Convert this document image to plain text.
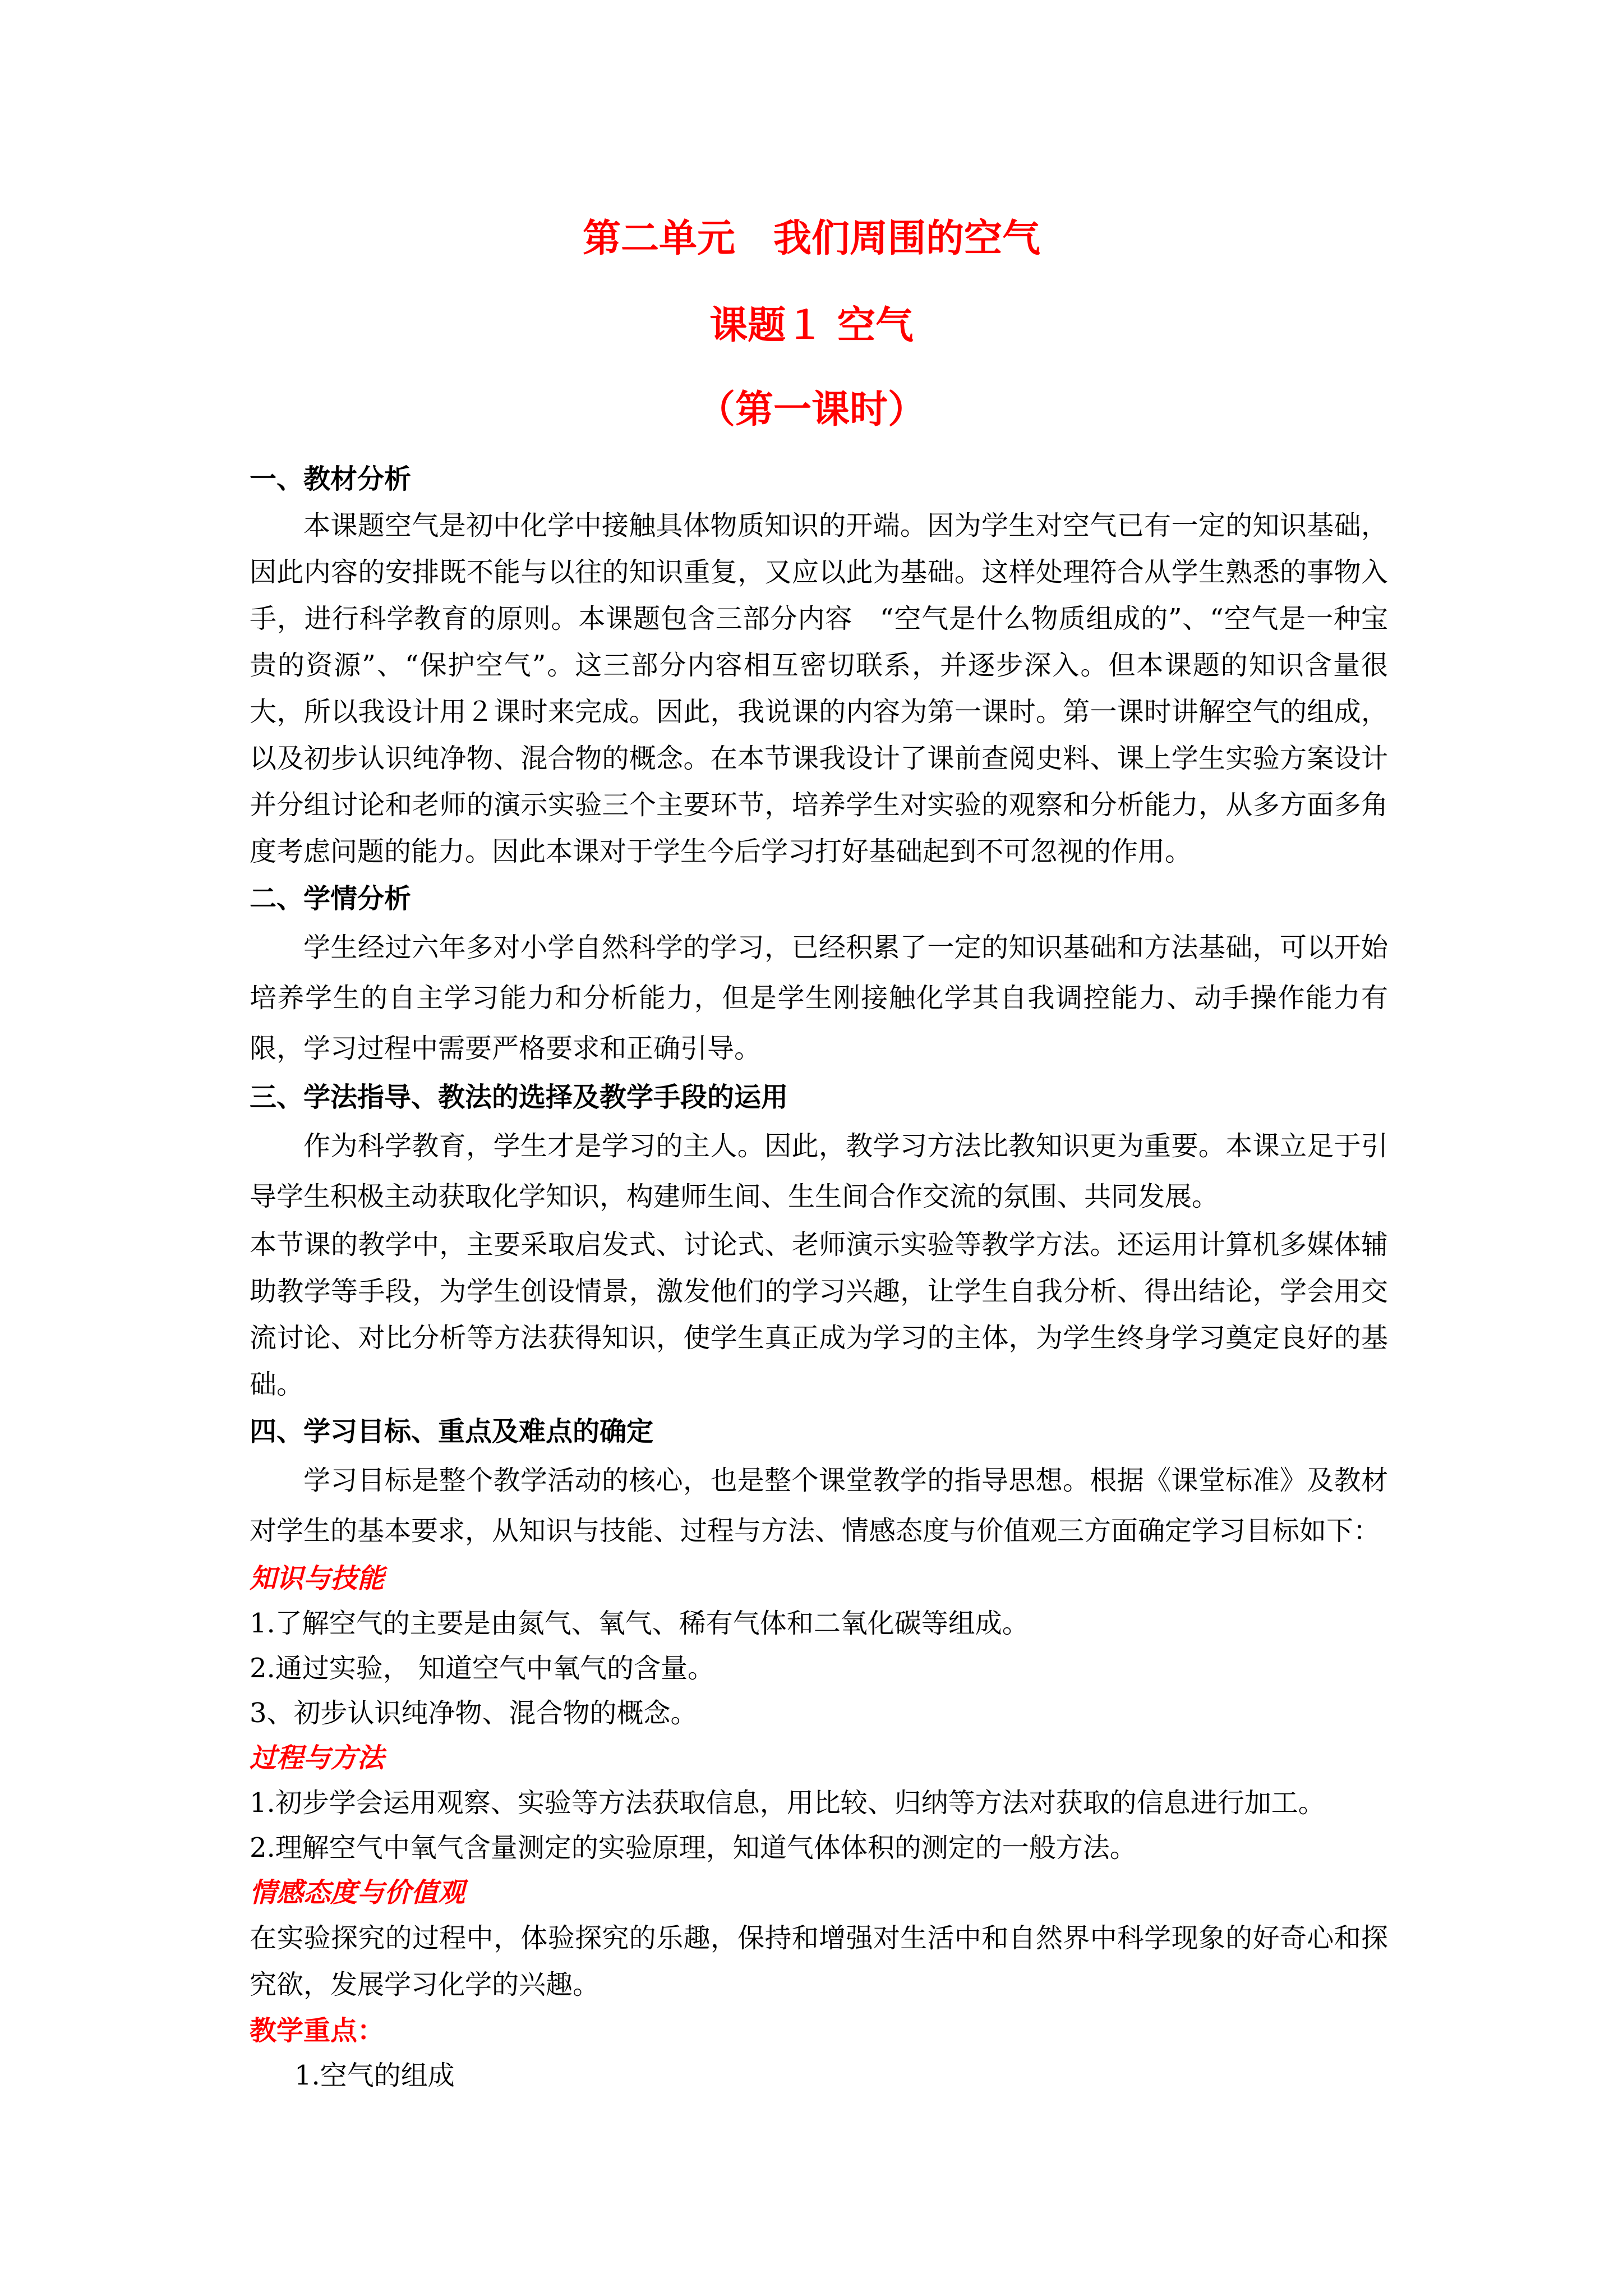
第二单元　我们周围的空气
课题１ 空气
（第一课时）

一、教材分析

本课题空气是初中化学中接触具体物质知识的开端。因为学生对空气已有一定的知识基础，因此内容的安排既不能与以往的知识重复，又应以此为基础。这样处理符合从学生熟悉的事物入手，进行科学教育的原则。本课题包含三部分内容　“空气是什么物质组成的”、“空气是一种宝贵的资源”、“保护空气”。这三部分内容相互密切联系，并逐步深入。但本课题的知识含量很大，所以我设计用２课时来完成。因此，我说课的内容为第一课时。第一课时讲解空气的组成，以及初步认识纯净物、混合物的概念。在本节课我设计了课前查阅史料、课上学生实验方案设计并分组讨论和老师的演示实验三个主要环节，培养学生对实验的观察和分析能力，从多方面多角度考虑问题的能力。因此本课对于学生今后学习打好基础起到不可忽视的作用。

二、学情分析

学生经过六年多对小学自然科学的学习，已经积累了一定的知识基础和方法基础，可以开始培养学生的自主学习能力和分析能力，但是学生刚接触化学其自我调控能力、动手操作能力有限，学习过程中需要严格要求和正确引导。

三、学法指导、教法的选择及教学手段的运用

作为科学教育，学生才是学习的主人。因此，教学习方法比教知识更为重要。本课立足于引导学生积极主动获取化学知识，构建师生间、生生间合作交流的氛围、共同发展。

本节课的教学中，主要采取启发式、讨论式、老师演示实验等教学方法。还运用计算机多媒体辅助教学等手段，为学生创设情景，激发他们的学习兴趣，让学生自我分析、得出结论，学会用交流讨论、对比分析等方法获得知识，使学生真正成为学习的主体，为学生终身学习奠定良好的基础。

四、学习目标、重点及难点的确定

学习目标是整个教学活动的核心，也是整个课堂教学的指导思想。根据《课堂标准》及教材对学生的基本要求，从知识与技能、过程与方法、情感态度与价值观三方面确定学习目标如下：

知识与技能

1.了解空气的主要是由氮气、氧气、稀有气体和二氧化碳等组成。

2.通过实验， 知道空气中氧气的含量。

3、初步认识纯净物、混合物的概念。

过程与方法

1.初步学会运用观察、实验等方法获取信息，用比较、归纳等方法对获取的信息进行加工。

2.理解空气中氧气含量测定的实验原理，知道气体体积的测定的一般方法。

情感态度与价值观

在实验探究的过程中，体验探究的乐趣，保持和增强对生活中和自然界中科学现象的好奇心和探究欲，发展学习化学的兴趣。

教学重点：

1.空气的组成
